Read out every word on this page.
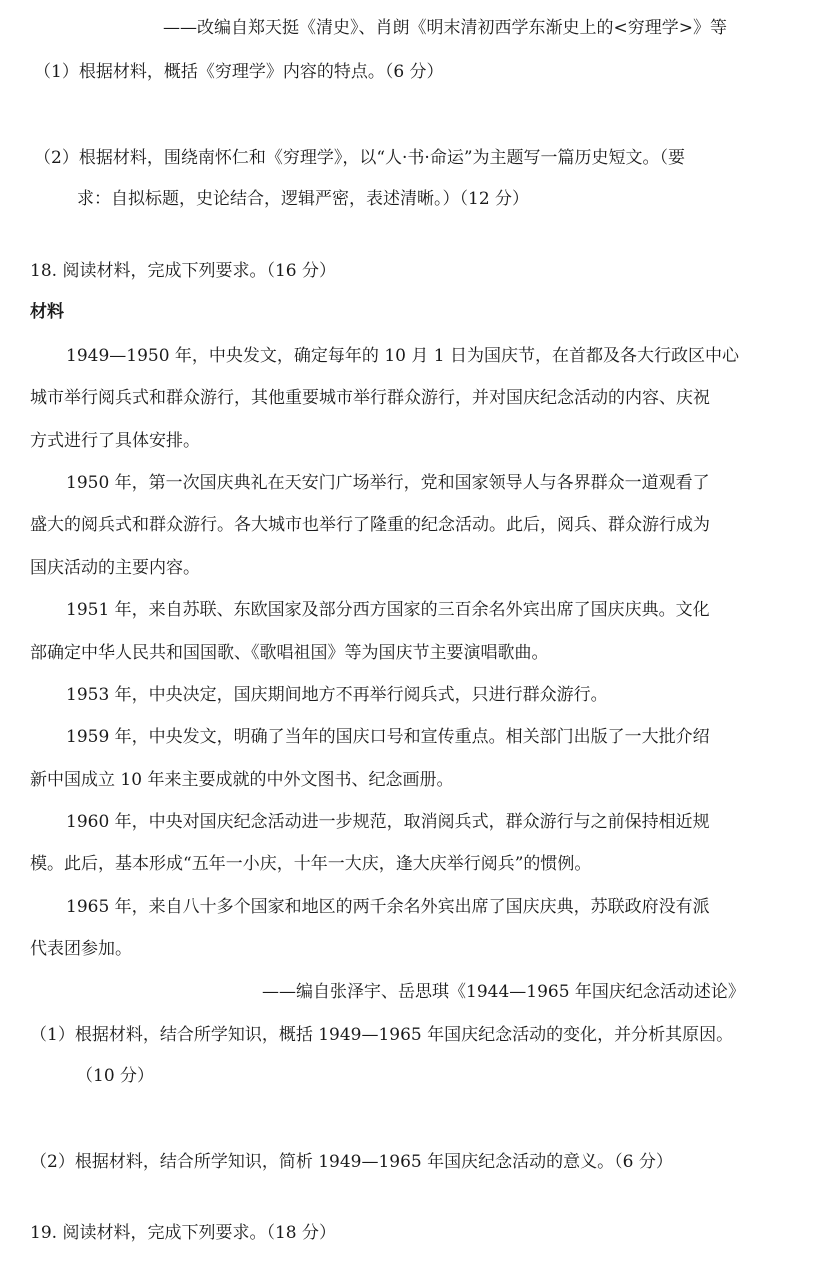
——改编自郑天挺《清史》、肖朗《明末清初西学东渐史上的<穷理学>》等
（1）根据材料，概括《穷理学》内容的特点。（6 分）
（2）根据材料，围绕南怀仁和《穷理学》，以“人·书·命运”为主题写一篇历史短文。（要
求：自拟标题，史论结合，逻辑严密，表述清晰。）（12 分）
18. 阅读材料，完成下列要求。（16 分）
材料
1949—1950 年，中央发文，确定每年的 10 月 1 日为国庆节，在首都及各大行政区中心
城市举行阅兵式和群众游行，其他重要城市举行群众游行，并对国庆纪念活动的内容、庆祝
方式进行了具体安排。
1950 年，第一次国庆典礼在天安门广场举行，党和国家领导人与各界群众一道观看了
盛大的阅兵式和群众游行。各大城市也举行了隆重的纪念活动。此后，阅兵、群众游行成为
国庆活动的主要内容。
1951 年，来自苏联、东欧国家及部分西方国家的三百余名外宾出席了国庆庆典。文化
部确定中华人民共和国国歌、《歌唱祖国》等为国庆节主要演唱歌曲。
1953 年，中央决定，国庆期间地方不再举行阅兵式，只进行群众游行。
1959 年，中央发文，明确了当年的国庆口号和宣传重点。相关部门出版了一大批介绍
新中国成立 10 年来主要成就的中外文图书、纪念画册。
1960 年，中央对国庆纪念活动进一步规范，取消阅兵式，群众游行与之前保持相近规
模。此后，基本形成“五年一小庆，十年一大庆，逢大庆举行阅兵”的惯例。
1965 年，来自八十多个国家和地区的两千余名外宾出席了国庆庆典，苏联政府没有派
代表团参加。
——编自张泽宇、岳思琪《1944—1965 年国庆纪念活动述论》
（1）根据材料，结合所学知识，概括 1949—1965 年国庆纪念活动的变化，并分析其原因。
（10 分）
（2）根据材料，结合所学知识，简析 1949—1965 年国庆纪念活动的意义。（6 分）
19. 阅读材料，完成下列要求。（18 分）
